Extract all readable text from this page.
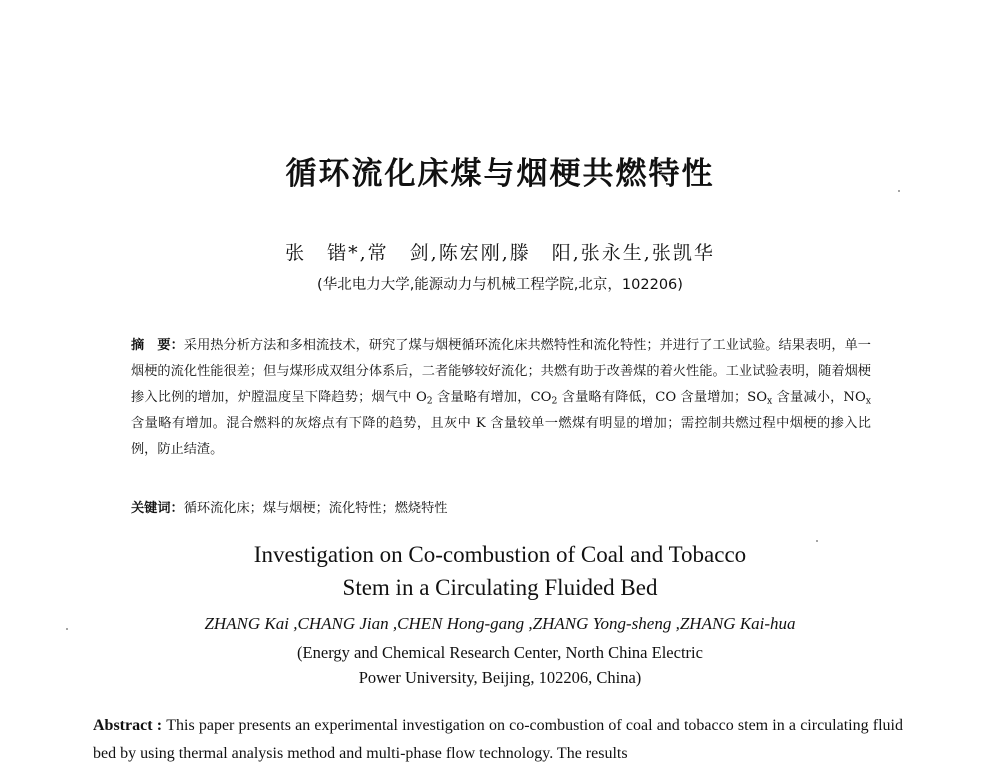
循环流化床煤与烟梗共燃特性
张　锴*,常　剑,陈宏刚,滕　阳,张永生,张凯华
(华北电力大学,能源动力与机械工程学院,北京，102206)
摘　要：采用热分析方法和多相流技术，研究了煤与烟梗循环流化床共燃特性和流化特性；并进行了工业试验。结果表明，单一烟梗的流化性能很差；但与煤形成双组分体系后，二者能够较好流化；共燃有助于改善煤的着火性能。工业试验表明，随着烟梗掺入比例的增加，炉膛温度呈下降趋势；烟气中 $O_2$ 含量略有增加，$CO_2$ 含量略有降低，CO 含量增加；$SO_x$ 含量减小，$NO_x$ 含量略有增加。混合燃料的灰熔点有下降的趋势，且灰中 K 含量较单一燃煤有明显的增加；需控制共燃过程中烟梗的掺入比例，防止结渣。
关键词：循环流化床；煤与烟梗；流化特性；燃烧特性
Investigation on Co-combustion of Coal and Tobacco
Stem in a Circulating Fluided Bed
ZHANG Kai ,CHANG Jian ,CHEN Hong-gang ,ZHANG Yong-sheng ,ZHANG Kai-hua
(Energy and Chemical Research Center, North China Electric
Power University, Beijing, 102206, China)
Abstract : This paper presents an experimental investigation on co-combustion of coal and tobacco stem in a circulating fluid bed by using thermal analysis method and multi-phase flow technology. The results
